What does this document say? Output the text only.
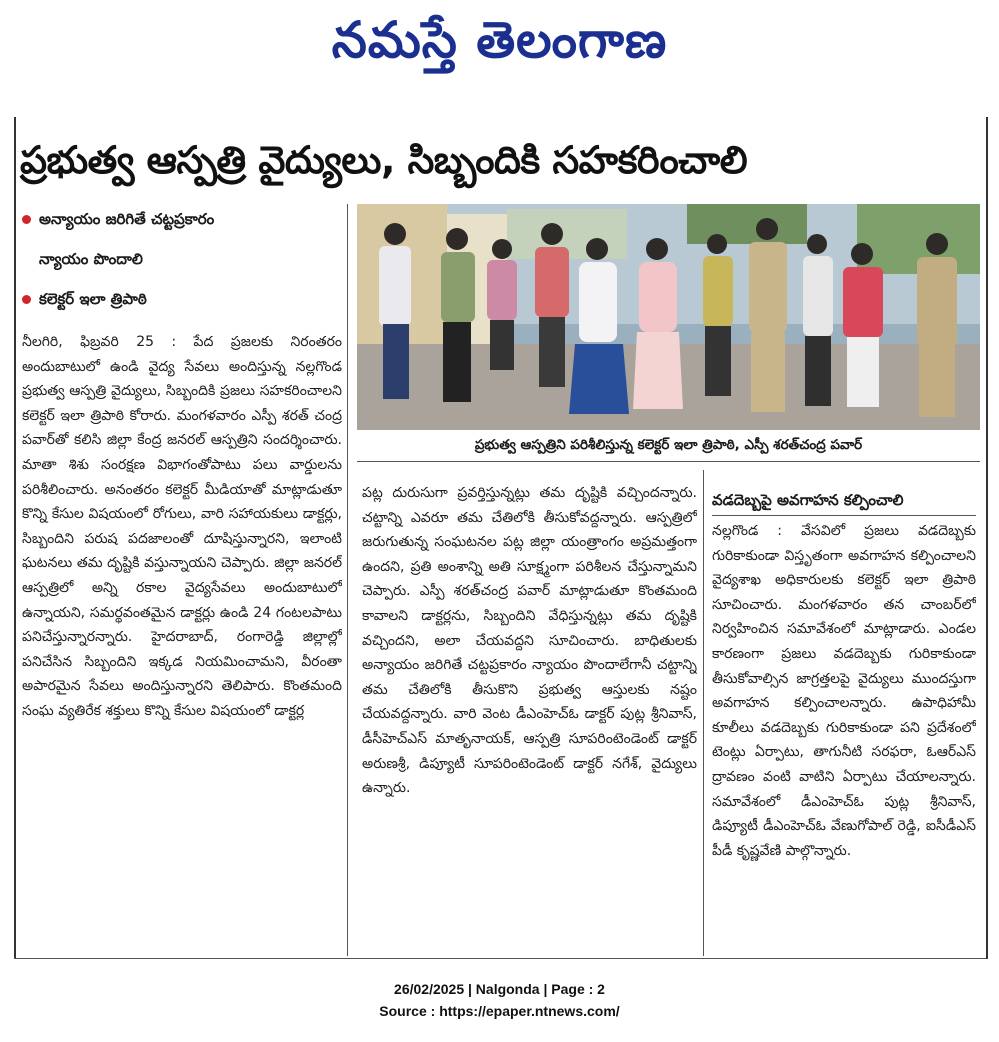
నమస్తే తెలంగాణ
ప్రభుత్వ ఆస్పత్రి వైద్యులు, సిబ్బందికి సహకరించాలి
అన్యాయం జరిగితే చట్టప్రకారం
న్యాయం పొందాలి
కలెక్టర్ ఇలా త్రిపాఠి
నీలగిరి, ఫిబ్రవరి 25 : పేద ప్రజలకు నిరంతరం అందుబాటులో ఉండి వైద్య సేవలు అందిస్తున్న నల్లగొండ ప్రభుత్వ ఆస్పత్రి వైద్యులు, సిబ్బందికి ప్రజలు సహకరించాలని కలెక్టర్ ఇలా త్రిపాఠి కోరారు. మంగళవారం ఎస్పీ శరత్ చంద్ర పవార్‌తో కలిసి జిల్లా కేంద్ర జనరల్ ఆస్పత్రిని సందర్శించారు. మాతా శిశు సంరక్షణ విభాగంతోపాటు పలు వార్డులను పరిశీలించారు. అనంతరం కలెక్టర్ మీడియాతో మాట్లాడుతూ కొన్ని కేసుల విషయంలో రోగులు, వారి సహాయకులు డాక్టర్లు, సిబ్బందిని పరుష పదజాలంతో దూషిస్తున్నారని, ఇలాంటి ఘటనలు తమ దృష్టికి వస్తున్నాయని చెప్పారు. జిల్లా జనరల్ ఆస్పత్రిలో అన్ని రకాల వైద్యసేవలు అందుబాటులో ఉన్నాయని, సమర్థవంతమైన డాక్టర్లు ఉండి 24 గంటలపాటు పనిచేస్తున్నారన్నారు. హైదరాబాద్, రంగారెడ్డి జిల్లాల్లో పనిచేసిన సిబ్బందిని ఇక్కడ నియమించామని, వీరంతా అపారమైన సేవలు అందిస్తున్నారని తెలిపారు. కొంతమంది సంఘ వ్యతిరేక శక్తులు కొన్ని కేసుల విషయంలో డాక్టర్ల
ప్రభుత్వ ఆస్పత్రిని పరిశీలిస్తున్న కలెక్టర్ ఇలా త్రిపాఠి, ఎస్పీ శరత్‌చంద్ర పవార్
పట్ల దురుసుగా ప్రవర్తిస్తున్నట్లు తమ దృష్టికి వచ్చిందన్నారు. చట్టాన్ని ఎవరూ తమ చేతిలోకి తీసుకోవద్దన్నారు. ఆస్పత్రిలో జరుగుతున్న సంఘటనల పట్ల జిల్లా యంత్రాంగం అప్రమత్తంగా ఉందని, ప్రతి అంశాన్ని అతి సూక్ష్మంగా పరిశీలన చేస్తున్నామని చెప్పారు. ఎస్పీ శరత్‌చంద్ర పవార్ మాట్లాడుతూ కొంతమంది కావాలని డాక్టర్లను, సిబ్బందిని వేధిస్తున్నట్లు తమ దృష్టికి వచ్చిందని, అలా చేయవద్దని సూచించారు. బాధితులకు అన్యాయం జరిగితే చట్టప్రకారం న్యాయం పొందాలేగానీ చట్టాన్ని తమ చేతిలోకి తీసుకొని ప్రభుత్వ ఆస్తులకు నష్టం చేయవద్దన్నారు. వారి వెంట డీఎంహెచ్ఓ డాక్టర్ పుట్ల శ్రీనివాస్, డీసీహెచ్ఎస్ మాతృనాయక్, ఆస్పత్రి సూపరింటెండెంట్ డాక్టర్ అరుణశ్రీ, డిప్యూటీ సూపరింటెండెంట్ డాక్టర్ నగేశ్, వైద్యులు ఉన్నారు.
వడదెబ్బపై అవగాహన కల్పించాలి
నల్లగొండ : వేసవిలో ప్రజలు వడదెబ్బకు గురికాకుండా విస్తృతంగా అవగాహన కల్పించాలని వైద్యశాఖ అధికారులకు కలెక్టర్ ఇలా త్రిపాఠి సూచించారు. మంగళవారం తన చాంబర్‌లో నిర్వహించిన సమావేశంలో మాట్లాడారు. ఎండల కారణంగా ప్రజలు వడదెబ్బకు గురికాకుండా తీసుకోవాల్సిన జాగ్రత్తలపై వైద్యులు ముందస్తుగా అవగాహన కల్పించాలన్నారు. ఉపాధిహామీ కూలీలు వడదెబ్బకు గురికాకుండా పని ప్రదేశంలో టెంట్లు ఏర్పాటు, తాగునీటి సరఫరా, ఓఆర్ఎస్ ద్రావణం వంటి వాటిని ఏర్పాటు చేయాలన్నారు. సమావేశంలో డీఎంహెచ్ఓ పుట్ల శ్రీనివాస్, డిప్యూటీ డీఎంహెచ్ఓ వేణుగోపాల్ రెడ్డి, ఐసీడీఎస్ పీడీ కృష్ణవేణి పాల్గొన్నారు.
26/02/2025 | Nalgonda | Page : 2
Source : https://epaper.ntnews.com/
